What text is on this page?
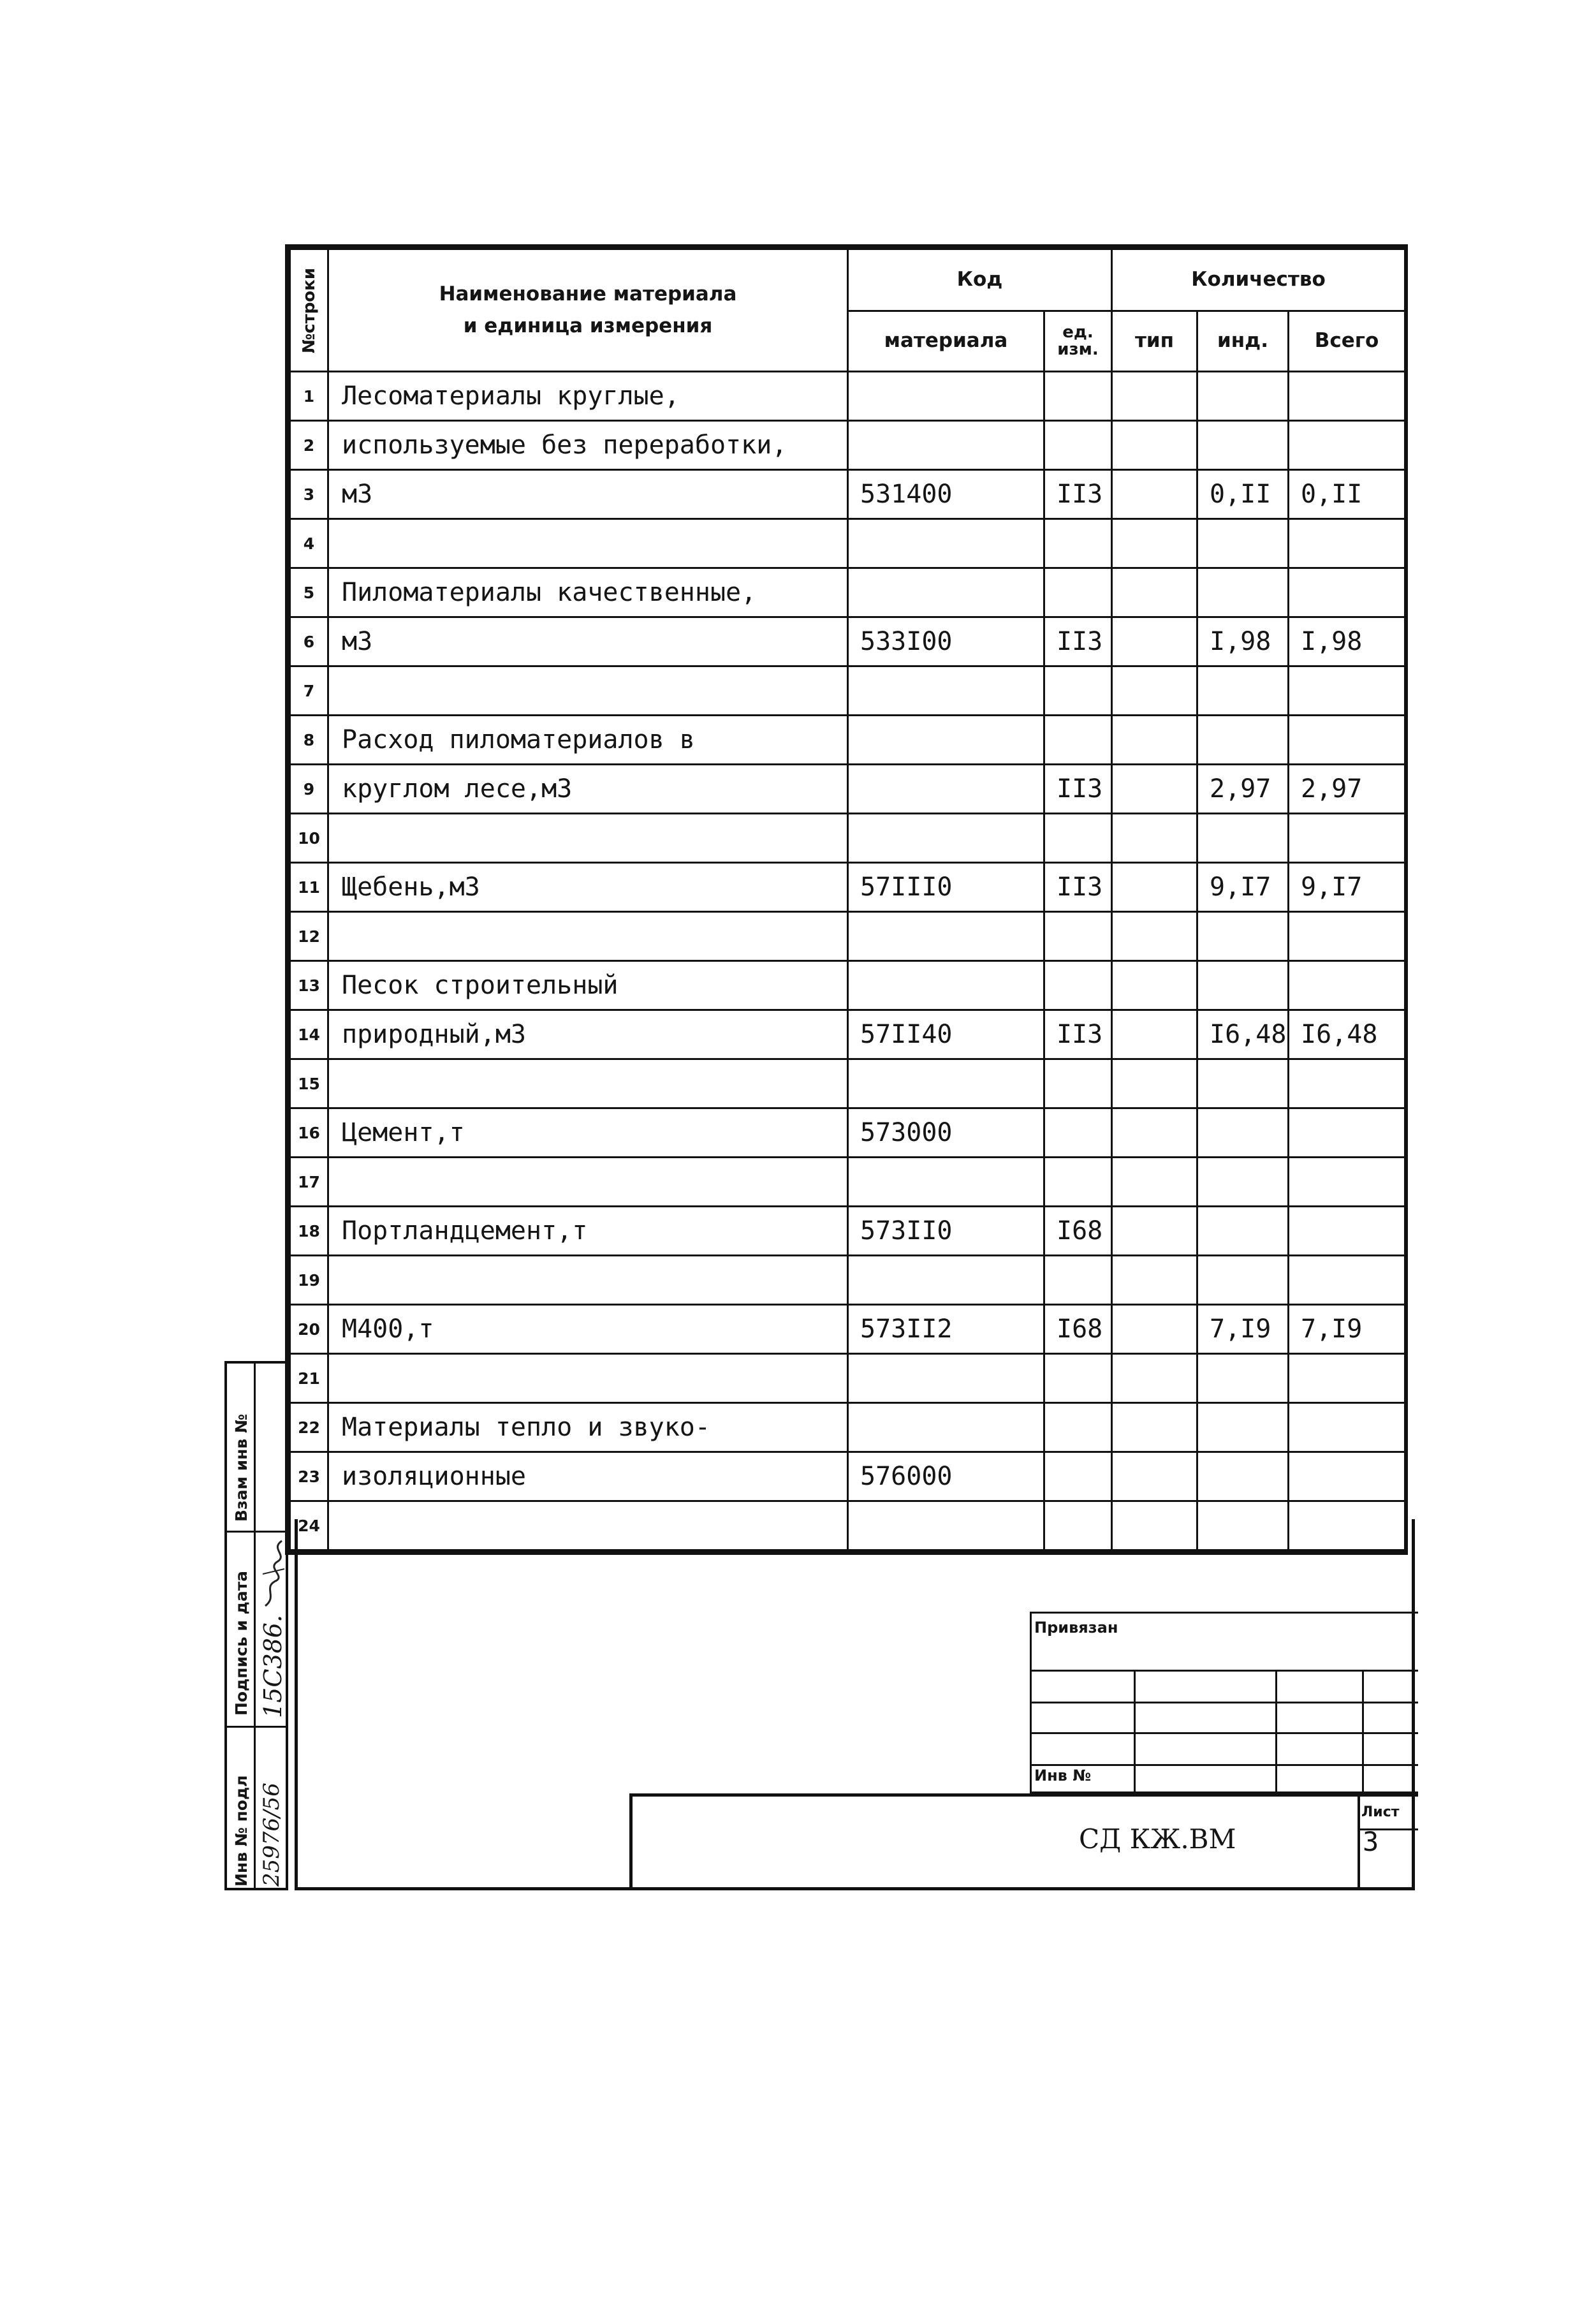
№строки	Наименование материала
и единица измерения	Код		Количество		
		материала	ед. изм.	тип	инд.	Всего
1	Лесоматериалы круглые,					
2	используемые без переработки,					
3	м3	531400	II3		0,II	0,II
4						
5	Пиломатериалы качественные,					
6	м3	533I00	II3		I,98	I,98
7						
8	Расход пиломатериалов в					
9	круглом лесе,м3		II3		2,97	2,97
10						
11	Щебень,м3	57III0	II3		9,I7	9,I7
12						
13	Песок строительный					
14	природный,м3	57II40	II3		I6,48	I6,48
15						
16	Цемент,т	573000				
17						
18	Портландцемент,т	573II0	I68			
19						
20	М400,т	573II2	I68		7,I9	7,I9
21						
22	Материалы тепло и звуко-					
23	изоляционные	576000				
24						
Привязан
Инв №
СД КЖ.ВМ
Лист
3
Взам инв №
Подпись и дата
Инв № подл
15С386.
25976/56
